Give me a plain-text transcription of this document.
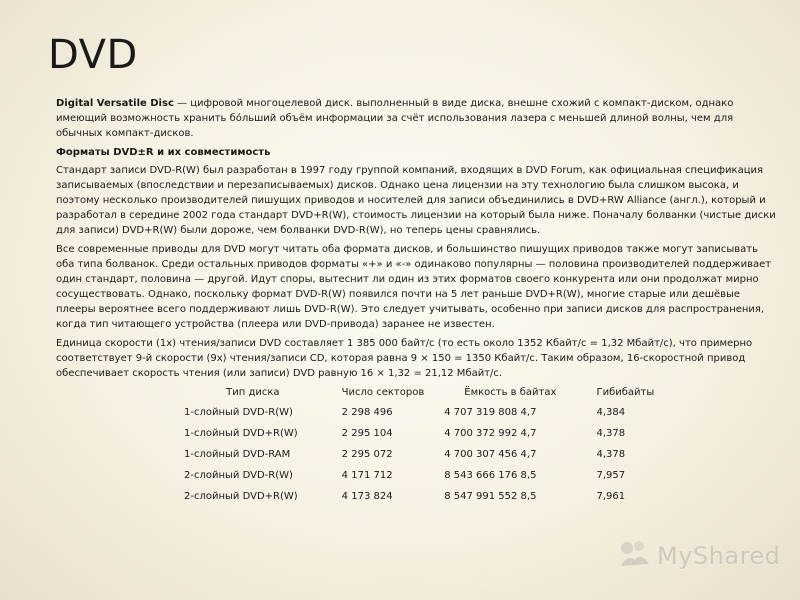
DVD

Digital Versatile Disc — цифровой многоцелевой диск. выполненный в виде диска, внешне схожий с компакт-диском, однако имеющий возможность хранить бо́льший объём информации за счёт использования лазера с меньшей длиной волны, чем для обычных компакт-дисков.

Форматы DVD±R и их совместимость

Стандарт записи DVD-R(W) был разработан в 1997 году группой компаний, входящих в DVD Forum, как официальная спецификация записываемых (впоследствии и перезаписываемых) дисков. Однако цена лицензии на эту технологию была слишком высока, и поэтому несколько производителей пишущих приводов и носителей для записи объединились в DVD+RW Alliance (англ.), который и разработал в середине 2002 года стандарт DVD+R(W), стоимость лицензии на который была ниже. Поначалу болванки (чистые диски для записи) DVD+R(W) были дороже, чем болванки DVD-R(W), но теперь цены сравнялись.

Все современные приводы для DVD могут читать оба формата дисков, и большинство пишущих приводов также могут записывать оба типа болванок. Среди остальных приводов форматы «+» и «-» одинаково популярны — половина производителей поддерживает один стандарт, половина — другой. Идут споры, вытеснит ли один из этих форматов своего конкурента или они продолжат мирно сосуществовать. Однако, поскольку формат DVD-R(W) появился почти на 5 лет раньше DVD+R(W), многие старые или дешёвые плееры вероятнее всего поддерживают лишь DVD-R(W). Это следует учитывать, особенно при записи дисков для распространения, когда тип читающего устройства (плеера или DVD-привода) заранее не известен.

Единица скорости (1x) чтения/записи DVD составляет 1 385 000 байт/с (то есть около 1352 Кбайт/с = 1,32 Мбайт/с), что примерно соответствует 9-й скорости (9x) чтения/записи CD, которая равна 9 × 150 = 1350 Кбайт/с. Таким образом, 16-скоростной привод обеспечивает скорость чтения (или записи) DVD равную 16 × 1,32 = 21,12 Мбайт/с.

Тип диска	Число секторов	Ёмкость в байтах	Гибибайты
1-слойный DVD-R(W)	2 298 496	4 707 319 808 4,7	4,384
1-слойный DVD+R(W)	2 295 104	4 700 372 992 4,7	4,378
1-слойный DVD-RAM	2 295 072	4 700 307 456 4,7	4,378
2-слойный DVD-R(W)	4 171 712	8 543 666 176 8,5	7,957
2-слойный DVD+R(W)	4 173 824	8 547 991 552 8,5	7,961
MyShared
